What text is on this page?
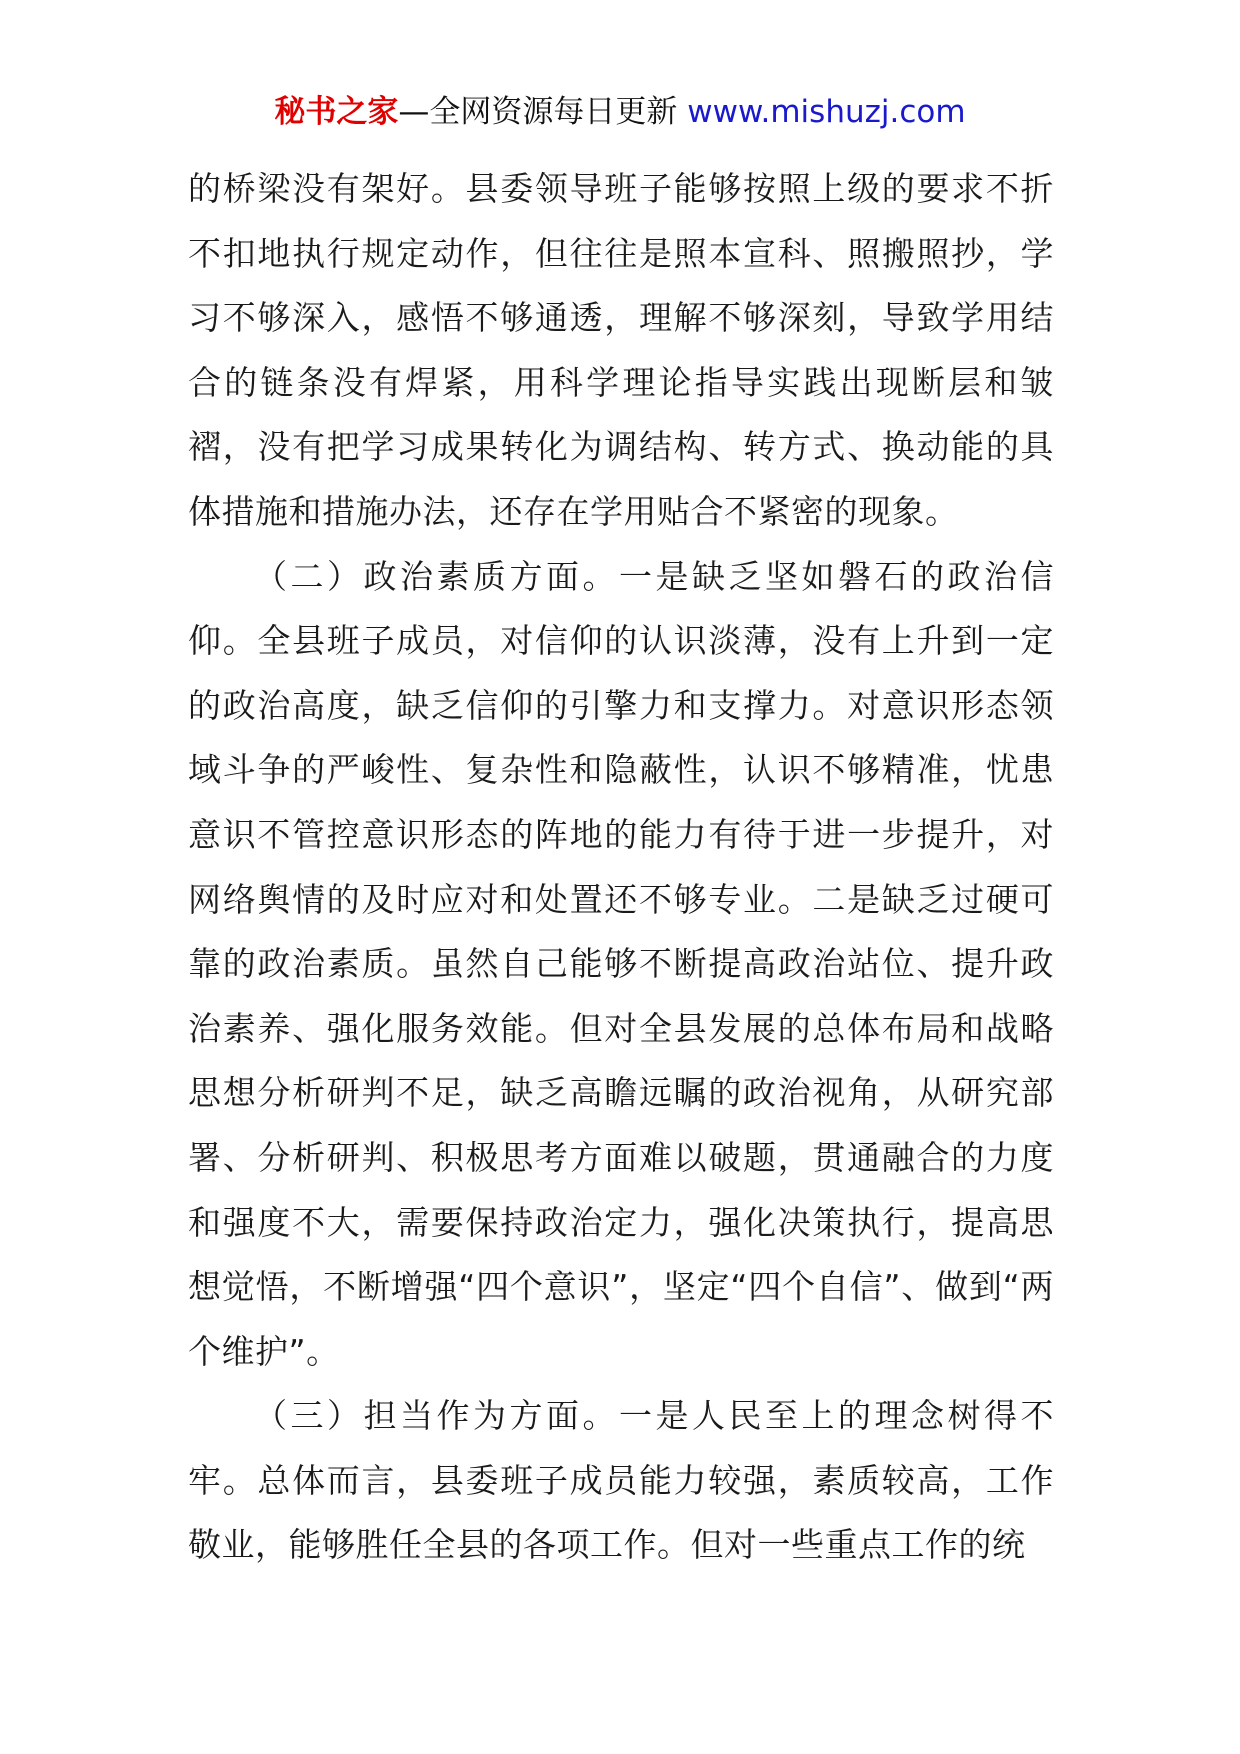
秘书之家—全网资源每日更新 www.mishuzj.com

的桥梁没有架好。县委领导班子能够按照上级的要求不折不扣地执行规定动作，但往往是照本宣科、照搬照抄，学习不够深入，感悟不够通透，理解不够深刻，导致学用结合的链条没有焊紧，用科学理论指导实践出现断层和皱褶，没有把学习成果转化为调结构、转方式、换动能的具体措施和措施办法，还存在学用贴合不紧密的现象。

（二）政治素质方面。一是缺乏坚如磐石的政治信仰。全县班子成员，对信仰的认识淡薄，没有上升到一定的政治高度，缺乏信仰的引擎力和支撑力。对意识形态领域斗争的严峻性、复杂性和隐蔽性，认识不够精准，忧患意识不管控意识形态的阵地的能力有待于进一步提升，对网络舆情的及时应对和处置还不够专业。二是缺乏过硬可靠的政治素质。虽然自己能够不断提高政治站位、提升政治素养、强化服务效能。但对全县发展的总体布局和战略思想分析研判不足，缺乏高瞻远瞩的政治视角，从研究部署、分析研判、积极思考方面难以破题，贯通融合的力度和强度不大，需要保持政治定力，强化决策执行，提高思想觉悟，不断增强“四个意识”，坚定“四个自信”、做到“两个维护”。

（三）担当作为方面。一是人民至上的理念树得不牢。总体而言，县委班子成员能力较强，素质较高，工作敬业，能够胜任全县的各项工作。但对一些重点工作的统
